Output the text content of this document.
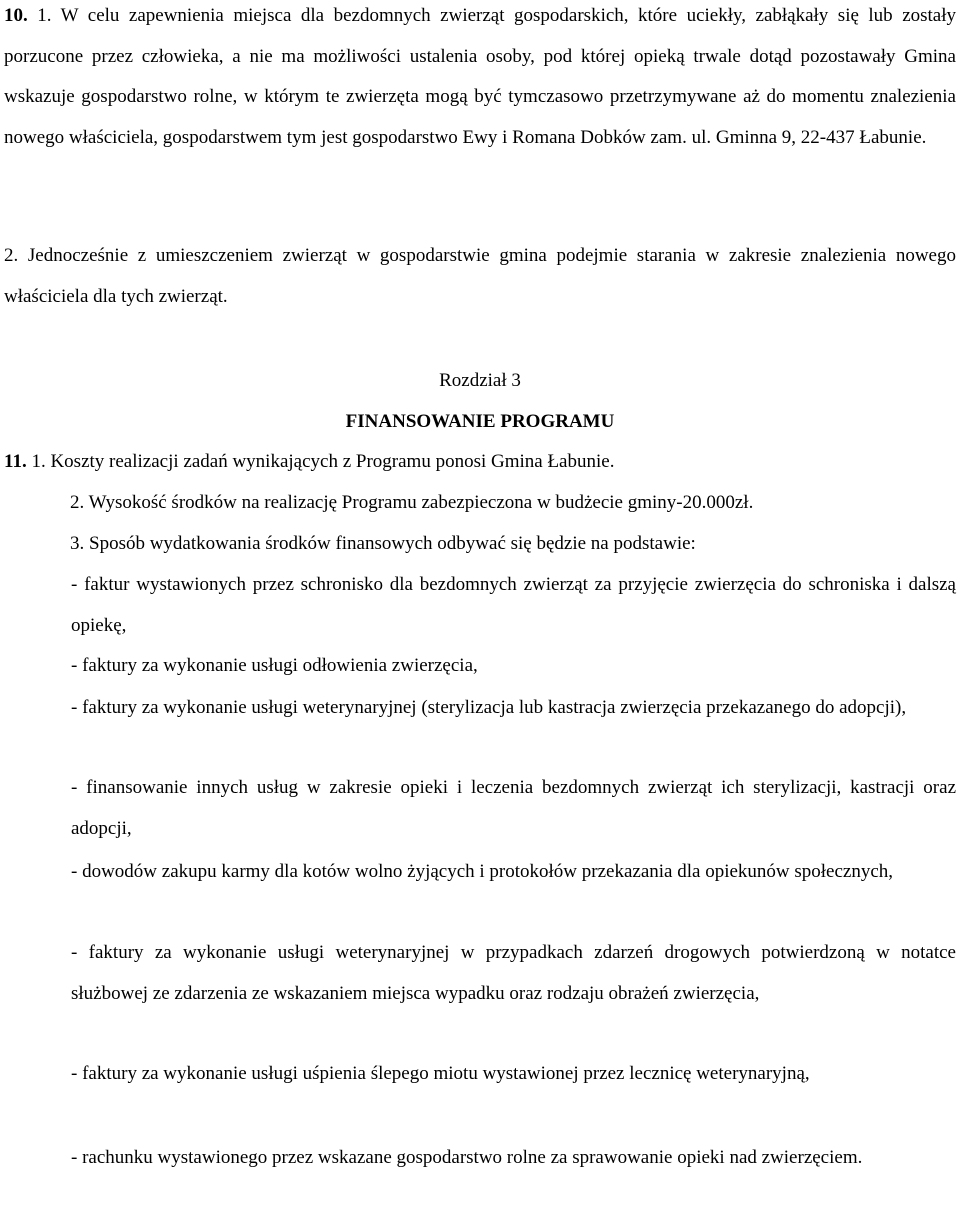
10. 1. W celu zapewnienia miejsca dla bezdomnych zwierząt gospodarskich, które uciekły, zabłąkały się lub zostały porzucone przez człowieka, a nie ma możliwości ustalenia osoby, pod której opieką trwale dotąd pozostawały Gmina wskazuje gospodarstwo rolne, w którym te zwierzęta mogą być tymczasowo przetrzymywane aż do momentu znalezienia nowego właściciela, gospodarstwem tym jest gospodarstwo Ewy i Romana Dobków zam. ul. Gminna 9, 22-437 Łabunie.

2. Jednocześnie z umieszczeniem zwierząt w gospodarstwie gmina podejmie starania w zakresie znalezienia nowego właściciela dla tych zwierząt.

Rozdział 3

FINANSOWANIE PROGRAMU

11. 1. Koszty realizacji zadań wynikających z Programu ponosi Gmina Łabunie.

2. Wysokość środków na realizację Programu zabezpieczona w budżecie gminy-20.000zł.

3. Sposób wydatkowania środków finansowych odbywać się będzie na podstawie:

- faktur wystawionych przez schronisko dla bezdomnych zwierząt za przyjęcie zwierzęcia do schroniska i dalszą opiekę,

- faktury za wykonanie usługi odłowienia zwierzęcia,

- faktury za wykonanie usługi weterynaryjnej (sterylizacja lub kastracja zwierzęcia przekazanego do adopcji),

- finansowanie innych usług w zakresie opieki i leczenia bezdomnych zwierząt ich sterylizacji, kastracji oraz adopcji,

- dowodów zakupu karmy dla kotów wolno żyjących i protokołów przekazania dla opiekunów społecznych,

- faktury za wykonanie usługi weterynaryjnej w przypadkach zdarzeń drogowych potwierdzoną w notatce służbowej ze zdarzenia ze wskazaniem miejsca wypadku oraz rodzaju obrażeń zwierzęcia,

- faktury za wykonanie usługi uśpienia ślepego miotu wystawionej przez lecznicę weterynaryjną,

- rachunku wystawionego przez wskazane gospodarstwo rolne za sprawowanie opieki nad zwierzęciem.
